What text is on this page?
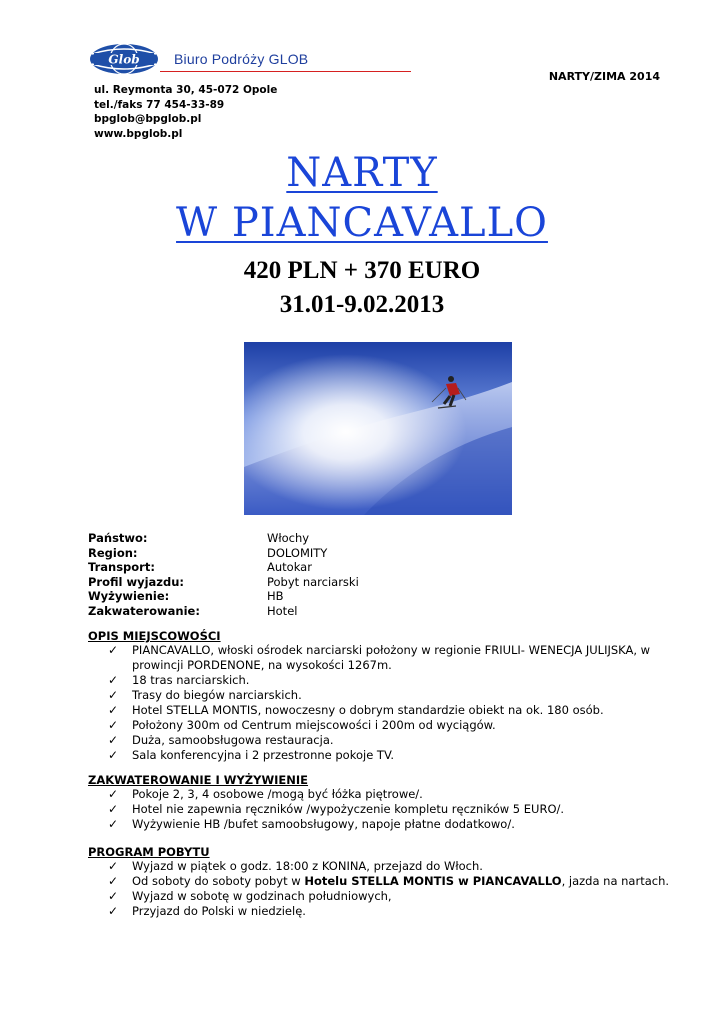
Glob Biuro Podróży GLOB
NARTY/ZIMA 2014
ul. Reymonta 30, 45-072 Opole
tel./faks 77 454-33-89
bpglob@bpglob.pl
www.bpglob.pl
NARTY
W PIANCAVALLO
420 PLN + 370 EURO
31.01-9.02.2013
Państwo:	Włochy
Region:	DOLOMITY
Transport:	Autokar
Profil wyjazdu:	Pobyt narciarski
Wyżywienie:	HB
Zakwaterowanie:	Hotel
OPIS MIEJSCOWOŚCI
✓ PIANCAVALLO, włoski ośrodek narciarski położony w regionie FRIULI- WENECJA JULIJSKA, w prowincji PORDENONE, na wysokości 1267m.
✓ 18 tras narciarskich.
✓ Trasy do biegów narciarskich.
✓ Hotel STELLA MONTIS, nowoczesny o dobrym standardzie obiekt na ok. 180 osób.
✓ Położony 300m od Centrum miejscowości i 200m od wyciągów.
✓ Duża, samoobsługowa restauracja.
✓ Sala konferencyjna i 2 przestronne pokoje TV.
ZAKWATEROWANIE I WYŻYWIENIE
✓ Pokoje 2, 3, 4 osobowe /mogą być łóżka piętrowe/.
✓ Hotel nie zapewnia ręczników /wypożyczenie kompletu ręczników 5 EURO/.
✓ Wyżywienie HB /bufet samoobsługowy, napoje płatne dodatkowo/.
PROGRAM POBYTU
✓ Wyjazd w piątek o godz. 18:00 z KONINA, przejazd do Włoch.
✓ Od soboty do soboty pobyt w Hotelu STELLA MONTIS w PIANCAVALLO, jazda na nartach.
✓ Wyjazd w sobotę w godzinach południowych,
✓ Przyjazd do Polski w niedzielę.
